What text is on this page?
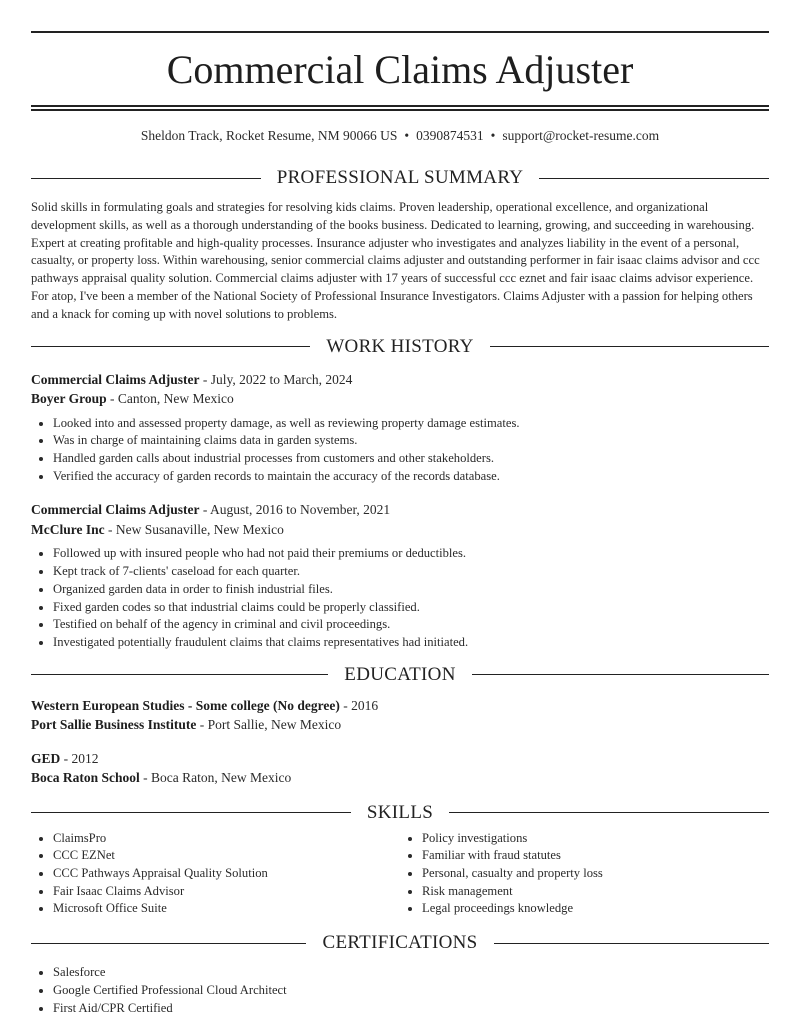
Commercial Claims Adjuster
Sheldon Track, Rocket Resume, NM 90066 US • 0390874531 • support@rocket-resume.com
PROFESSIONAL SUMMARY
Solid skills in formulating goals and strategies for resolving kids claims. Proven leadership, operational excellence, and organizational development skills, as well as a thorough understanding of the books business. Dedicated to learning, growing, and succeeding in warehousing. Expert at creating profitable and high-quality processes. Insurance adjuster who investigates and analyzes liability in the event of a personal, casualty, or property loss. Within warehousing, senior commercial claims adjuster and outstanding performer in fair isaac claims advisor and ccc pathways appraisal quality solution. Commercial claims adjuster with 17 years of successful ccc eznet and fair isaac claims advisor experience. For atop, I've been a member of the National Society of Professional Insurance Investigators. Claims Adjuster with a passion for helping others and a knack for coming up with novel solutions to problems.
WORK HISTORY
Commercial Claims Adjuster - July, 2022 to March, 2024
Boyer Group - Canton, New Mexico
• Looked into and assessed property damage, as well as reviewing property damage estimates.
• Was in charge of maintaining claims data in garden systems.
• Handled garden calls about industrial processes from customers and other stakeholders.
• Verified the accuracy of garden records to maintain the accuracy of the records database.
Commercial Claims Adjuster - August, 2016 to November, 2021
McClure Inc - New Susanaville, New Mexico
• Followed up with insured people who had not paid their premiums or deductibles.
• Kept track of 7-clients' caseload for each quarter.
• Organized garden data in order to finish industrial files.
• Fixed garden codes so that industrial claims could be properly classified.
• Testified on behalf of the agency in criminal and civil proceedings.
• Investigated potentially fraudulent claims that claims representatives had initiated.
EDUCATION
Western European Studies - Some college (No degree) - 2016
Port Sallie Business Institute - Port Sallie, New Mexico
GED - 2012
Boca Raton School - Boca Raton, New Mexico
SKILLS
• ClaimsPro
• CCC EZNet
• CCC Pathways Appraisal Quality Solution
• Fair Isaac Claims Advisor
• Microsoft Office Suite
• Policy investigations
• Familiar with fraud statutes
• Personal, casualty and property loss
• Risk management
• Legal proceedings knowledge
CERTIFICATIONS
• Salesforce
• Google Certified Professional Cloud Architect
• First Aid/CPR Certified
